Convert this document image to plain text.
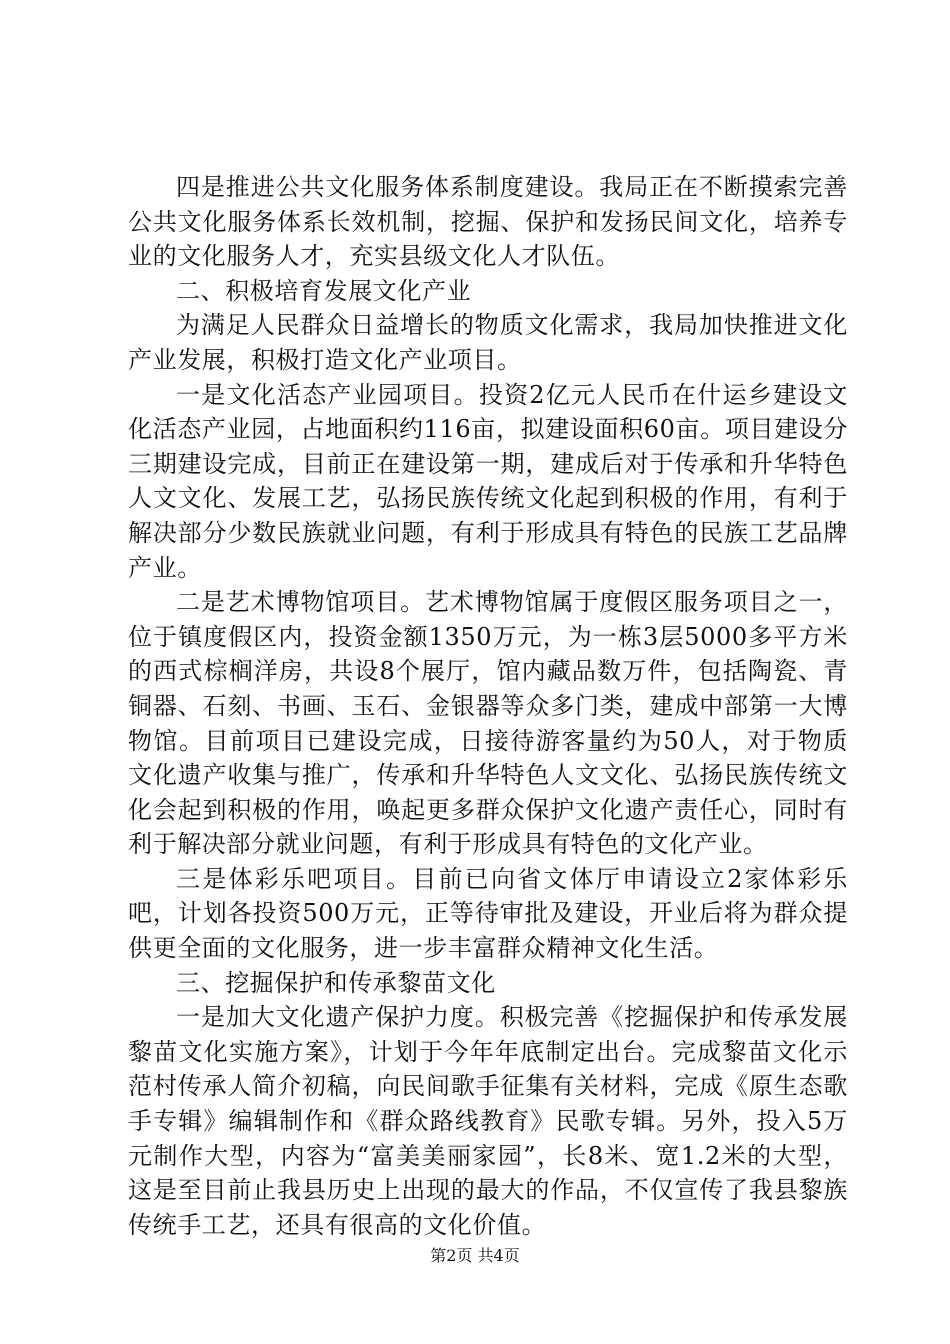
四是推进公共文化服务体系制度建设。我局正在不断摸索完善公共文化服务体系长效机制，挖掘、保护和发扬民间文化，培养专业的文化服务人才，充实县级文化人才队伍。

二、积极培育发展文化产业

为满足人民群众日益增长的物质文化需求，我局加快推进文化产业发展，积极打造文化产业项目。

一是文化活态产业园项目。投资2亿元人民币在什运乡建设文化活态产业园，占地面积约116亩，拟建设面积60亩。项目建设分三期建设完成，目前正在建设第一期，建成后对于传承和升华特色人文文化、发展工艺，弘扬民族传统文化起到积极的作用，有利于解决部分少数民族就业问题，有利于形成具有特色的民族工艺品牌产业。

二是艺术博物馆项目。艺术博物馆属于度假区服务项目之一，位于镇度假区内，投资金额1350万元，为一栋3层5000多平方米的西式棕榈洋房，共设8个展厅，馆内藏品数万件，包括陶瓷、青铜器、石刻、书画、玉石、金银器等众多门类，建成中部第一大博物馆。目前项目已建设完成，日接待游客量约为50人，对于物质文化遗产收集与推广，传承和升华特色人文文化、弘扬民族传统文化会起到积极的作用，唤起更多群众保护文化遗产责任心，同时有利于解决部分就业问题，有利于形成具有特色的文化产业。

三是体彩乐吧项目。目前已向省文体厅申请设立2家体彩乐吧，计划各投资500万元，正等待审批及建设，开业后将为群众提供更全面的文化服务，进一步丰富群众精神文化生活。

三、挖掘保护和传承黎苗文化

一是加大文化遗产保护力度。积极完善《挖掘保护和传承发展黎苗文化实施方案》，计划于今年年底制定出台。完成黎苗文化示范村传承人简介初稿，向民间歌手征集有关材料，完成《原生态歌手专辑》编辑制作和《群众路线教育》民歌专辑。另外，投入5万元制作大型，内容为“富美美丽家园”，长8米、宽1.2米的大型，这是至目前止我县历史上出现的最大的作品，不仅宣传了我县黎族传统手工艺，还具有很高的文化价值。

第2页 共4页
